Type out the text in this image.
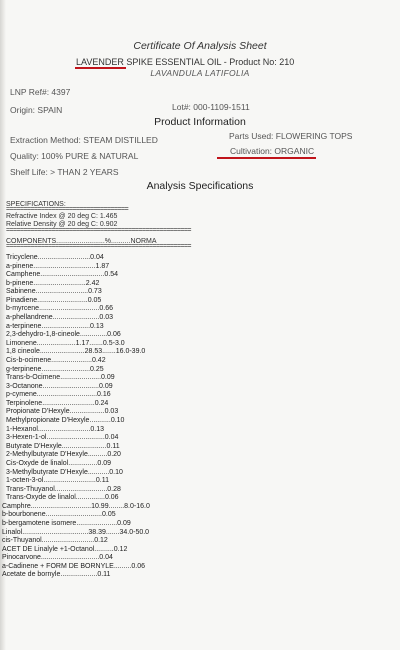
Certificate Of Analysis Sheet
LAVENDER SPIKE ESSENTIAL OIL - Product No: 210
LAVANDULA LATIFOLIA
LNP Ref#: 4397
Origin: SPAIN	Lot#: 000-1109-1511
Product Information
Extraction Method: STEAM DISTILLED	Parts Used: FLOWERING TOPS
Quality: 100% PURE & NATURAL	Cultivation: ORGANIC
Shelf Life: > THAN 2 YEARS
Analysis Specifications
SPECIFICATIONS:
===================================
Refractive Index @ 20 deg C: 1.465
Relative Density @ 20 deg C: 0.902
=====================================================
COMPONENTS.........................%..........NORMA
=====================================================
Tricyclene...........................0.04
a-pinene................................1.87
Camphene.................................0.54
b-pinene...........................2.42
Sabinene...........................0.73
Pinadiene..........................0.05
b-myrcene...............................0.66
a-phellandrene........................0.03
a-terpinene.........................0.13
2,3-dehydro-1,8-cineole..............0.06
Limonene....................1.17.......0.5-3.0
1,8 cineole.......................28.53.......16.0-39.0
Cis-b-ocimene.....................0.42
g-terpinene.........................0.25
Trans-b-Ocimene.....................0.09
3-Octanone.............................0.09
p-cymene...............................0.16
Terpinolene...........................0.24
Propionate D'Hexyle..................0.03
Methylpropionate D'Hexyle...........0.10
1-Hexanol...........................0.13
3-Hexen-1-ol..............................0.04
Butyrate D'Hexyle.......................0.11
2-Methylbutyrate D'Hexyle..........0.20
Cis-Oxyde de linalol...............0.09
3-Methylbutyrate D'Hexyle...........0.10
1-octen-3-ol...........................0.11
Trans-Thuyanol...........................0.28
Trans-Oxyde de linalol...............0.06
Camphre...............................10.99........8.0-16.0
b-bourbonene.............................0.05
b-bergamotene isomere.....................0.09
Linalol..................................38.39.......34.0-50.0
cis-Thuyanol...........................0.12
ACET DE Linalyle +1-Octanol..........0.12
Pinocarvone..............................0.04
a-Cadinene + FORM DE BORNYLE.........0.06
Acetate de bornyle...................0.11
